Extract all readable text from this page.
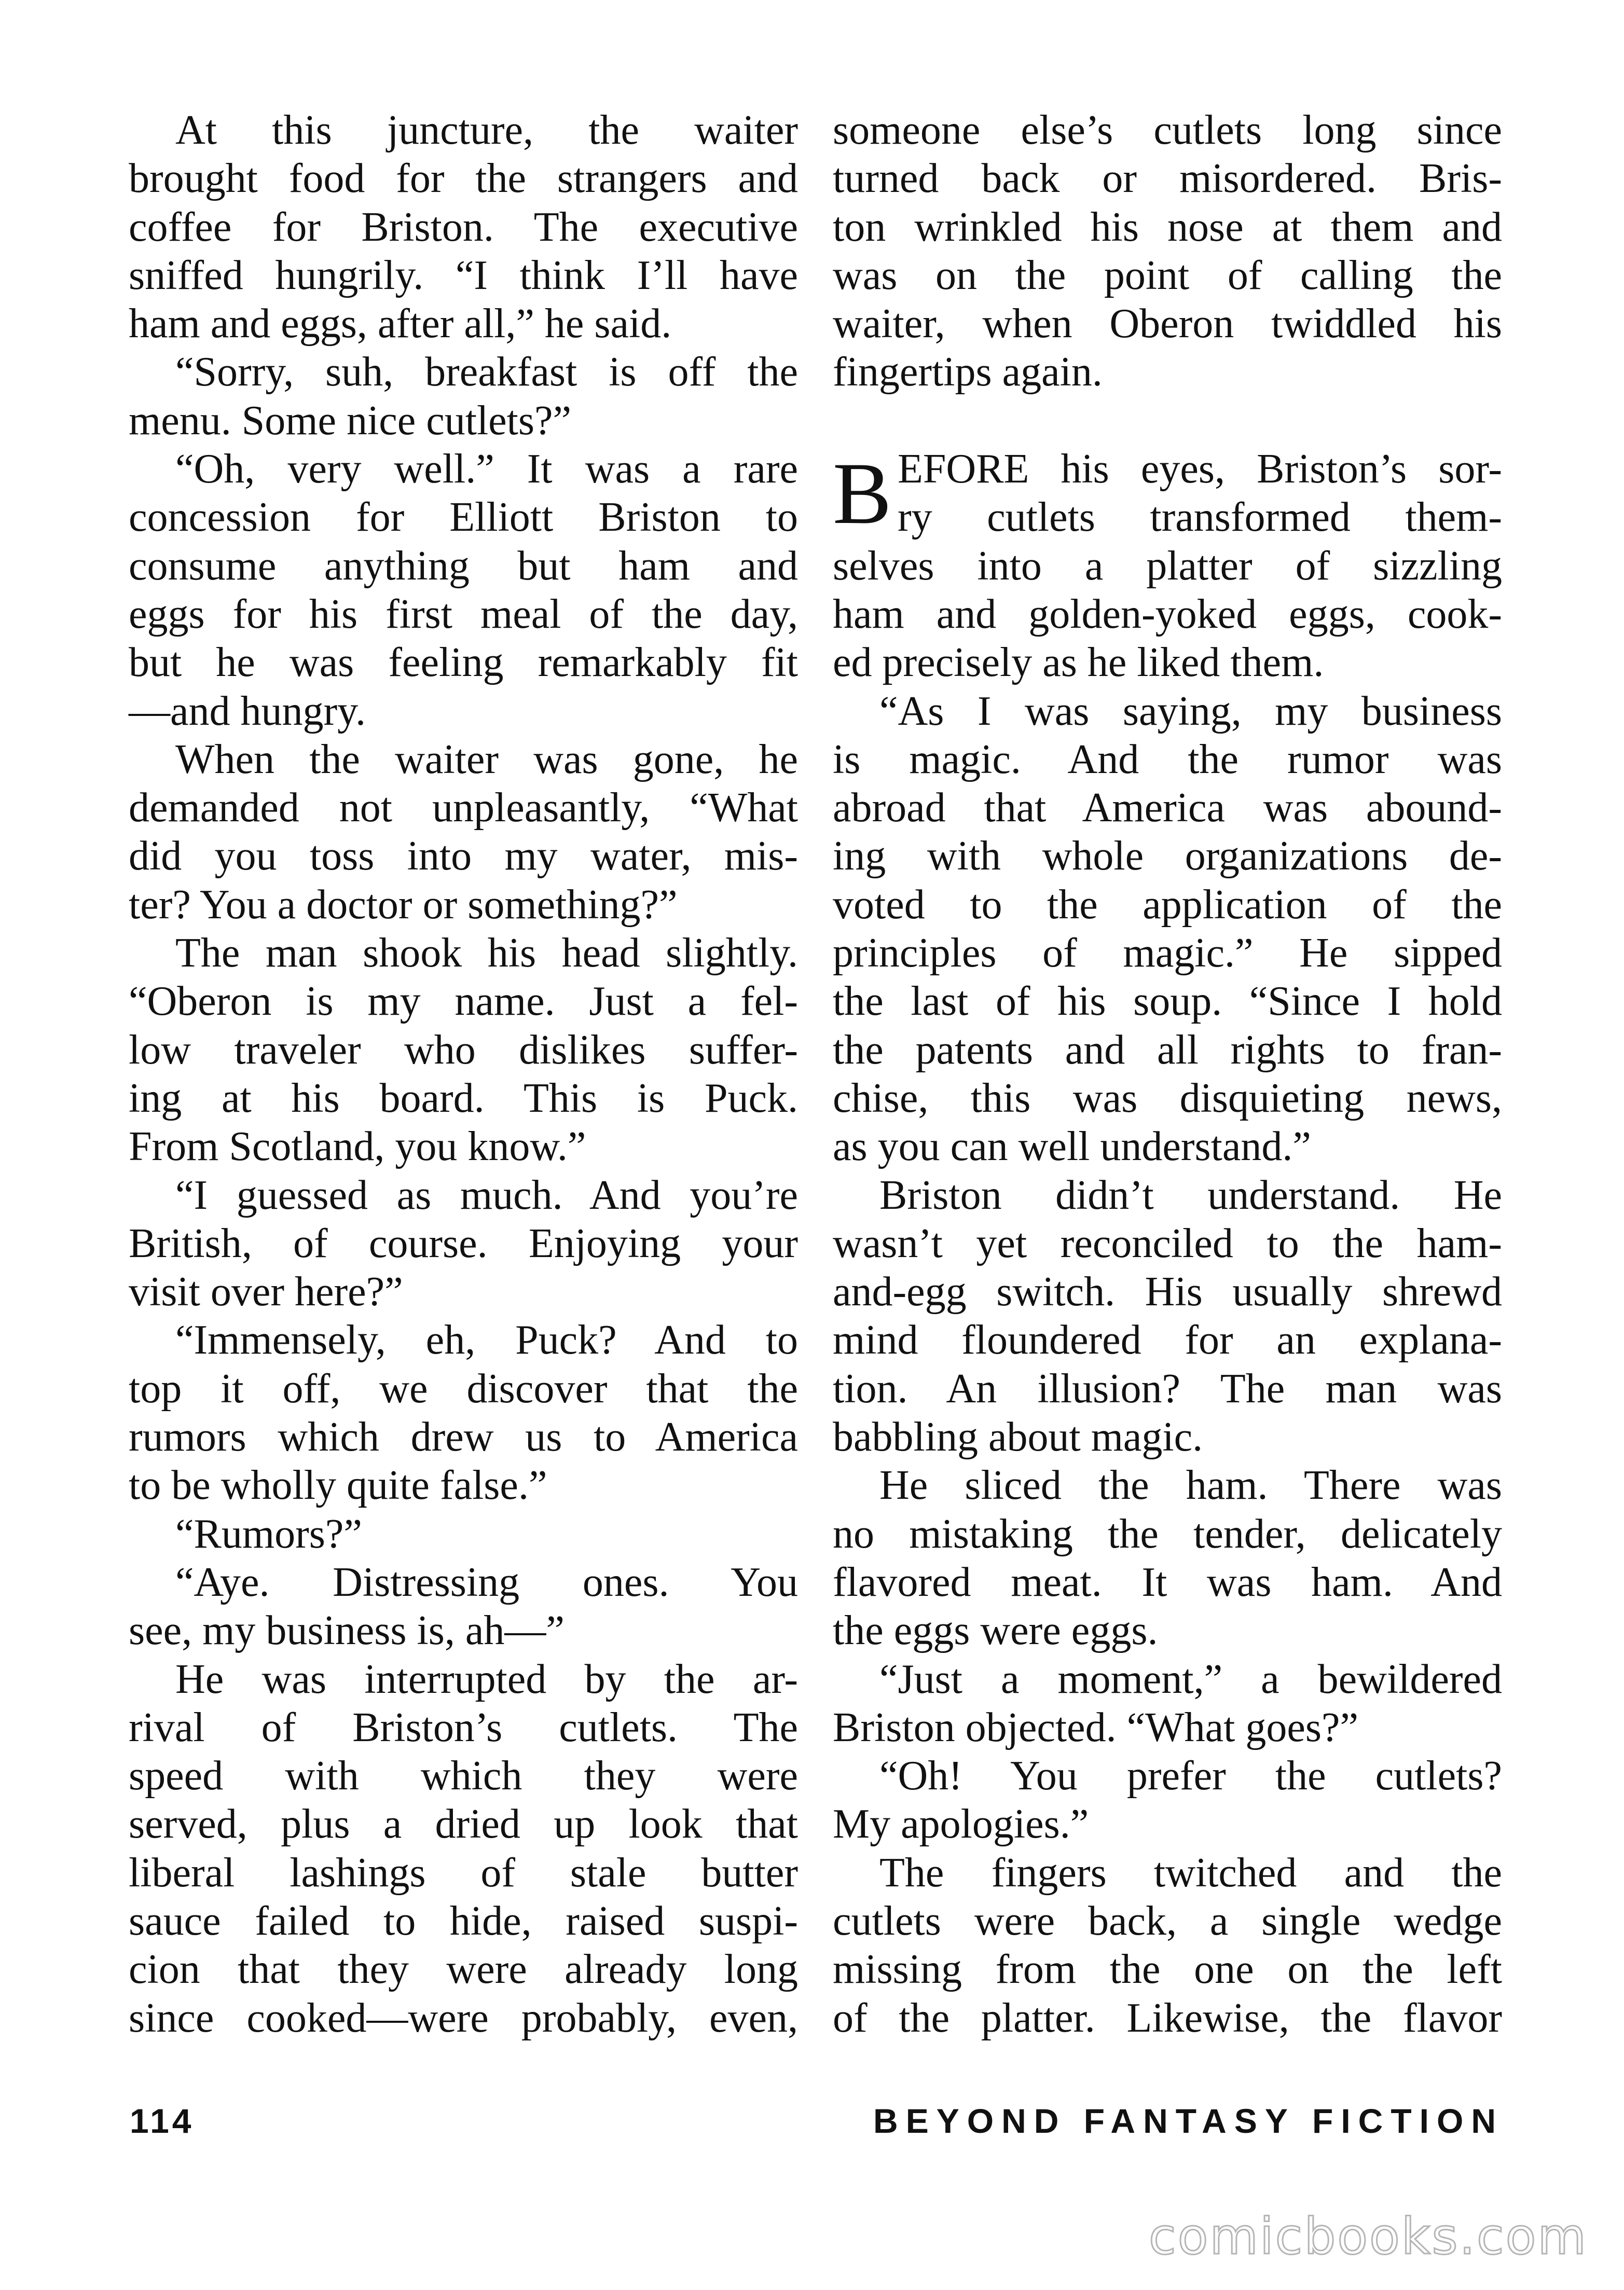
At this juncture, the waiter
brought food for the strangers and
coffee for Briston. The executive
sniffed hungrily. “I think I’ll have
ham and eggs, after all,” he said.
“Sorry, suh, breakfast is off the
menu. Some nice cutlets?”
“Oh, very well.” It was a rare
concession for Elliott Briston to
consume anything but ham and
eggs for his first meal of the day,
but he was feeling remarkably fit
—and hungry.
When the waiter was gone, he
demanded not unpleasantly, “What
did you toss into my water, mis-
ter? You a doctor or something?”
The man shook his head slightly.
“Oberon is my name. Just a fel-
low traveler who dislikes suffer-
ing at his board. This is Puck.
From Scotland, you know.”
“I guessed as much. And you’re
British, of course. Enjoying your
visit over here?”
“Immensely, eh, Puck? And to
top it off, we discover that the
rumors which drew us to America
to be wholly quite false.”
“Rumors?”
“Aye. Distressing ones. You
see, my business is, ah—”
He was interrupted by the ar-
rival of Briston’s cutlets. The
speed with which they were
served, plus a dried up look that
liberal lashings of stale butter
sauce failed to hide, raised suspi-
cion that they were already long
since cooked—were probably, even,
someone else’s cutlets long since
turned back or misordered. Bris-
ton wrinkled his nose at them and
was on the point of calling the
waiter, when Oberon twiddled his
fingertips again.
B EFORE his eyes, Briston’s sor-
ry cutlets transformed them-
selves into a platter of sizzling
ham and golden-yoked eggs, cook-
ed precisely as he liked them.
“As I was saying, my business
is magic. And the rumor was
abroad that America was abound-
ing with whole organizations de-
voted to the application of the
principles of magic.” He sipped
the last of his soup. “Since I hold
the patents and all rights to fran-
chise, this was disquieting news,
as you can well understand.”
Briston didn’t understand. He
wasn’t yet reconciled to the ham-
and-egg switch. His usually shrewd
mind floundered for an explana-
tion. An illusion? The man was
babbling about magic.
He sliced the ham. There was
no mistaking the tender, delicately
flavored meat. It was ham. And
the eggs were eggs.
“Just a moment,” a bewildered
Briston objected. “What goes?”
“Oh! You prefer the cutlets?
My apologies.”
The fingers twitched and the
cutlets were back, a single wedge
missing from the one on the left
of the platter. Likewise, the flavor
114	BEYOND FANTASY FICTION
comicbooks.com
